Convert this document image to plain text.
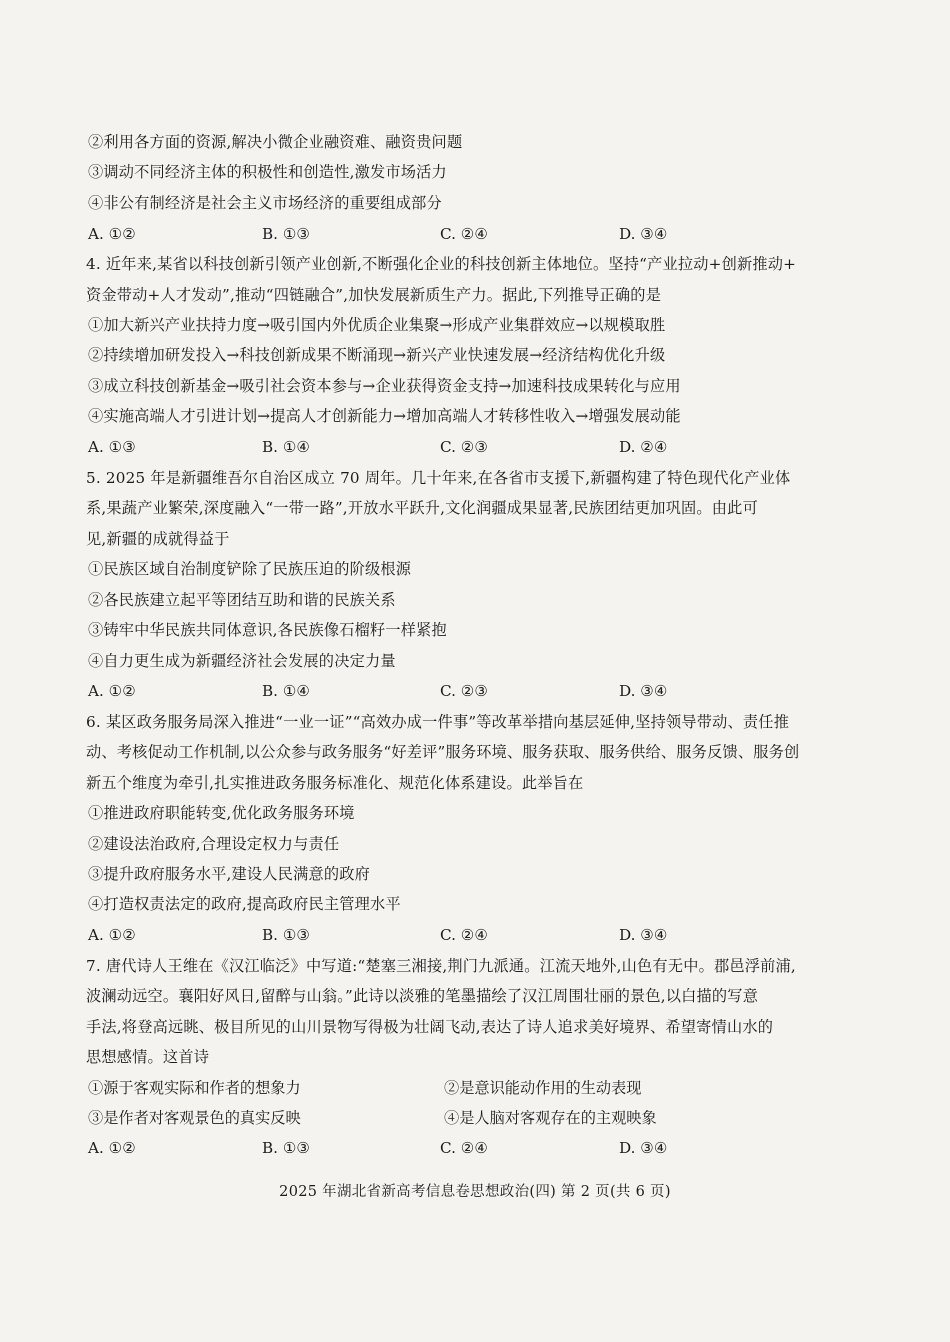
②利用各方面的资源,解决小微企业融资难、融资贵问题
③调动不同经济主体的积极性和创造性,激发市场活力
④非公有制经济是社会主义市场经济的重要组成部分
A. ①②	B. ①③	C. ②④	D. ③④
4. 近年来,某省以科技创新引领产业创新,不断强化企业的科技创新主体地位。坚持“产业拉动+创新推动+
资金带动+人才发动”,推动“四链融合”,加快发展新质生产力。据此,下列推导正确的是
①加大新兴产业扶持力度→吸引国内外优质企业集聚→形成产业集群效应→以规模取胜
②持续增加研发投入→科技创新成果不断涌现→新兴产业快速发展→经济结构优化升级
③成立科技创新基金→吸引社会资本参与→企业获得资金支持→加速科技成果转化与应用
④实施高端人才引进计划→提高人才创新能力→增加高端人才转移性收入→增强发展动能
A. ①③	B. ①④	C. ②③	D. ②④
5. 2025 年是新疆维吾尔自治区成立 70 周年。几十年来,在各省市支援下,新疆构建了特色现代化产业体
系,果蔬产业繁荣,深度融入“一带一路”,开放水平跃升,文化润疆成果显著,民族团结更加巩固。由此可
见,新疆的成就得益于
①民族区域自治制度铲除了民族压迫的阶级根源
②各民族建立起平等团结互助和谐的民族关系
③铸牢中华民族共同体意识,各民族像石榴籽一样紧抱
④自力更生成为新疆经济社会发展的决定力量
A. ①②	B. ①④	C. ②③	D. ③④
6. 某区政务服务局深入推进“一业一证”“高效办成一件事”等改革举措向基层延伸,坚持领导带动、责任推
动、考核促动工作机制,以公众参与政务服务“好差评”服务环境、服务获取、服务供给、服务反馈、服务创
新五个维度为牵引,扎实推进政务服务标准化、规范化体系建设。此举旨在
①推进政府职能转变,优化政务服务环境
②建设法治政府,合理设定权力与责任
③提升政府服务水平,建设人民满意的政府
④打造权责法定的政府,提高政府民主管理水平
A. ①②	B. ①③	C. ②④	D. ③④
7. 唐代诗人王维在《汉江临泛》中写道:“楚塞三湘接,荆门九派通。江流天地外,山色有无中。郡邑浮前浦,
波澜动远空。襄阳好风日,留醉与山翁。”此诗以淡雅的笔墨描绘了汉江周围壮丽的景色,以白描的写意
手法,将登高远眺、极目所见的山川景物写得极为壮阔飞动,表达了诗人追求美好境界、希望寄情山水的
思想感情。这首诗
①源于客观实际和作者的想象力	②是意识能动作用的生动表现
③是作者对客观景色的真实反映	④是人脑对客观存在的主观映象
A. ①②	B. ①③	C. ②④	D. ③④
2025 年湖北省新高考信息卷思想政治(四) 第 2 页(共 6 页)
